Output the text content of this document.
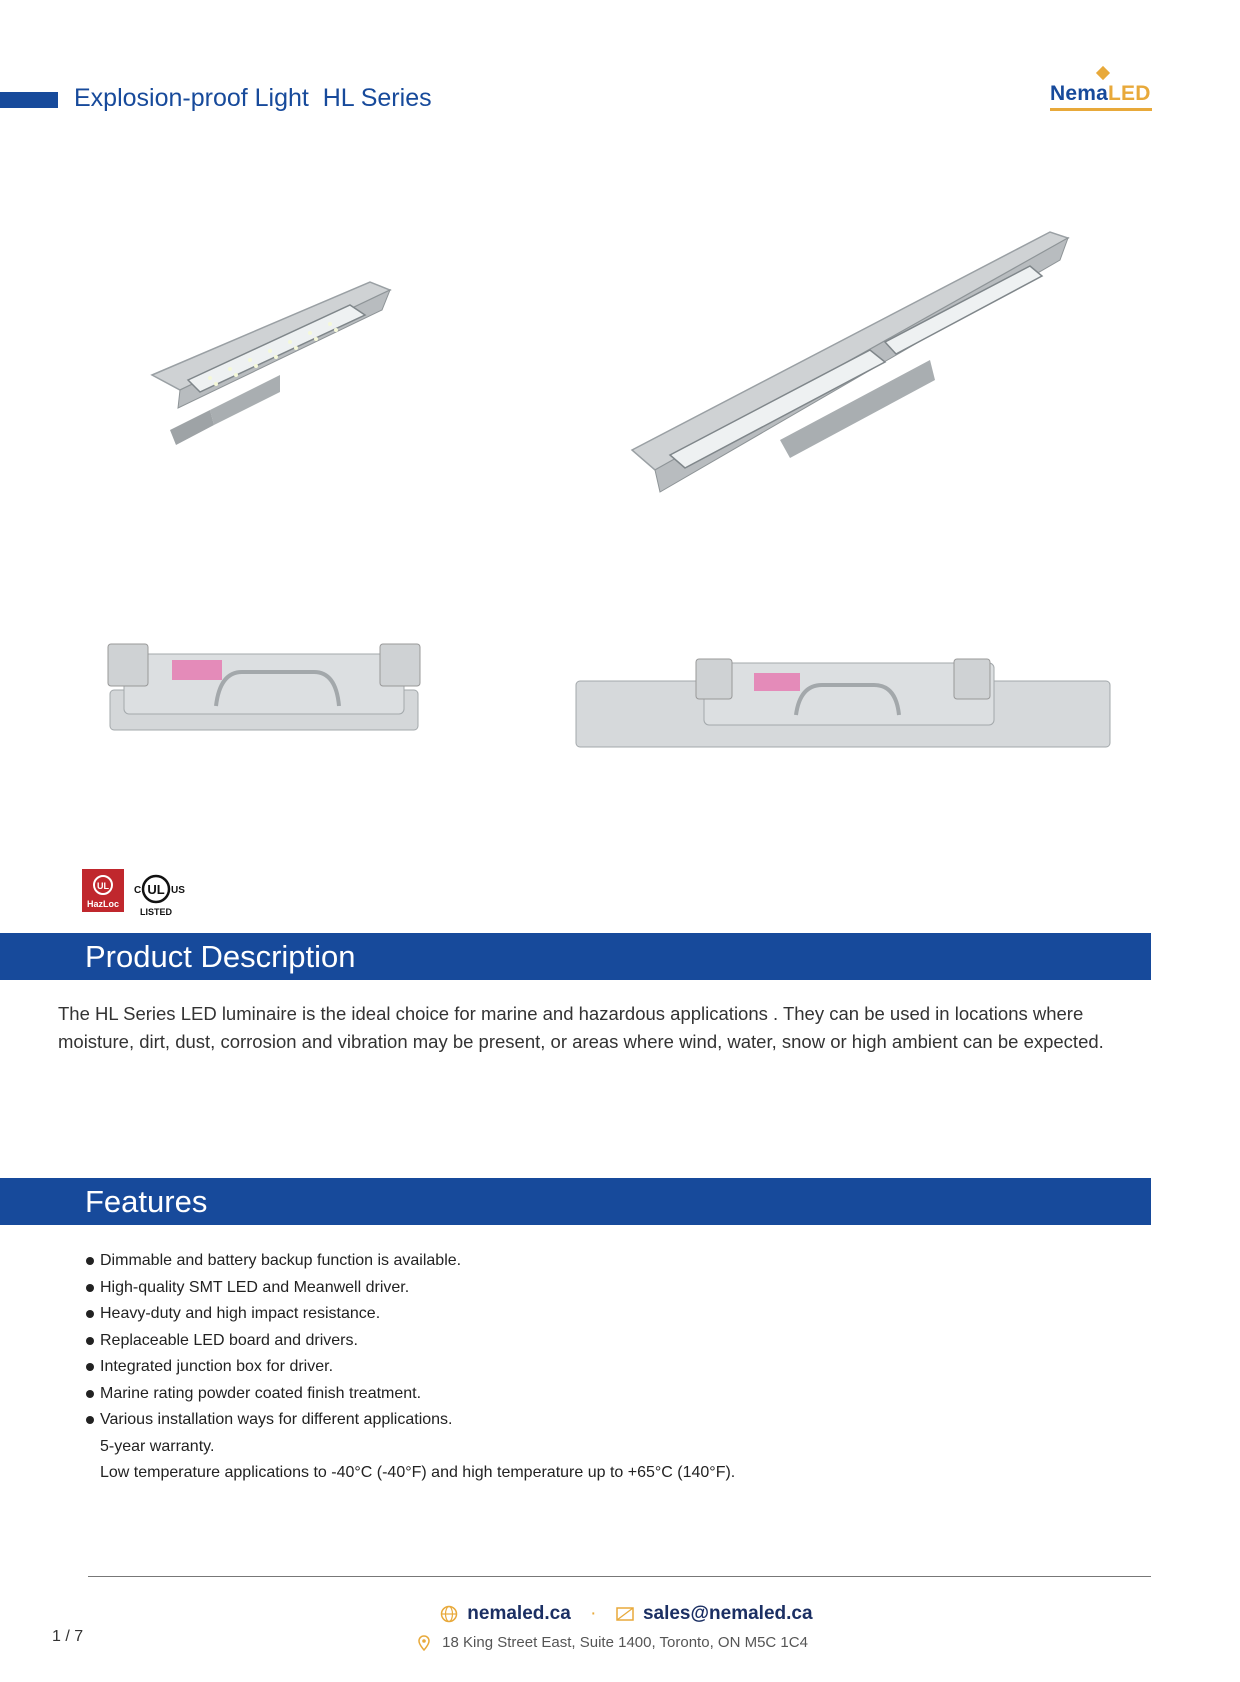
Explosion-proof Light  HL Series	NemaLED
UL
HazLoc
C UL US
LISTED
Product Description
The HL Series LED luminaire is the ideal choice for marine and hazardous applications . They can be used in locations where moisture, dirt, dust, corrosion and vibration may be present, or areas where wind, water, snow or high ambient can be expected.
Features
Dimmable and battery backup function is available.
High-quality SMT LED and Meanwell driver.
Heavy-duty and high impact resistance.
Replaceable LED board and drivers.
Integrated junction box for driver.
Marine rating powder coated finish treatment.
Various installation ways for different applications.
5-year warranty.
Low temperature applications to -40°C (-40°F) and high temperature up to +65°C (140°F).
nemaled.ca · sales@nemaled.ca
18 King Street East, Suite 1400, Toronto, ON M5C 1C4
1 / 7
